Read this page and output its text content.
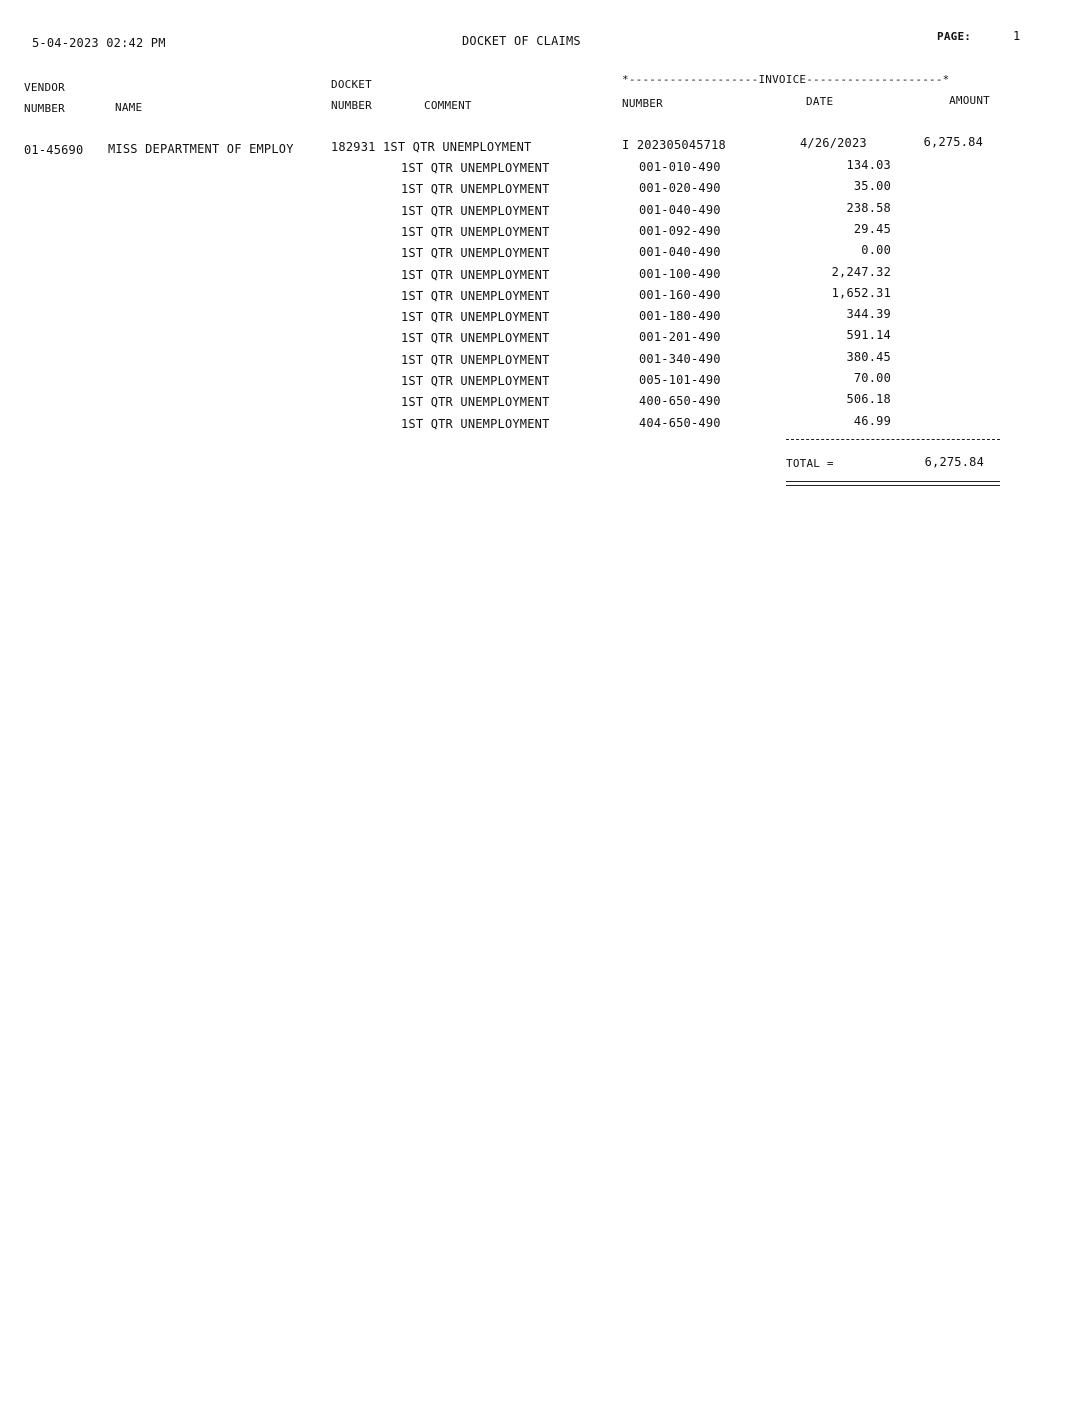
5-04-2023 02:42 PM	DOCKET OF CLAIMS	PAGE:	1
VENDOR
NUMBER	NAME
DOCKET
NUMBER	COMMENT
*-------------------INVOICE--------------------*
NUMBER	DATE	AMOUNT
01-45690 MISS DEPARTMENT OF EMPLOY	182931 1ST QTR UNEMPLOYMENT	I 202305045718	4/26/2023	6,275.84
1ST QTR UNEMPLOYMENT	001-010-490	134.03
1ST QTR UNEMPLOYMENT	001-020-490	35.00
1ST QTR UNEMPLOYMENT	001-040-490	238.58
1ST QTR UNEMPLOYMENT	001-092-490	29.45
1ST QTR UNEMPLOYMENT	001-040-490	0.00
1ST QTR UNEMPLOYMENT	001-100-490	2,247.32
1ST QTR UNEMPLOYMENT	001-160-490	1,652.31
1ST QTR UNEMPLOYMENT	001-180-490	344.39
1ST QTR UNEMPLOYMENT	001-201-490	591.14
1ST QTR UNEMPLOYMENT	001-340-490	380.45
1ST QTR UNEMPLOYMENT	005-101-490	70.00
1ST QTR UNEMPLOYMENT	400-650-490	506.18
1ST QTR UNEMPLOYMENT	404-650-490	46.99
TOTAL =	6,275.84
